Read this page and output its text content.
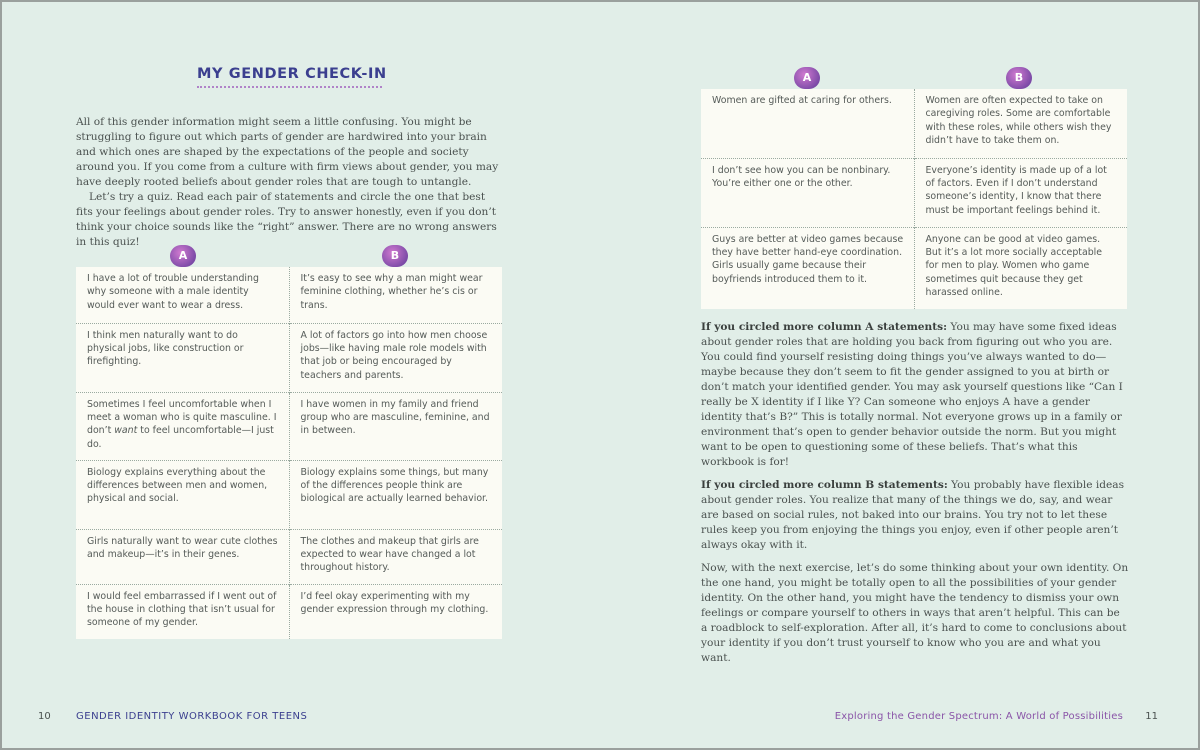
MY GENDER CHECK-IN

All of this gender information might seem a little confusing. You might be struggling to figure out which parts of gender are hardwired into your brain and which ones are shaped by the expectations of the people and society around you. If you come from a culture with firm views about gender, you may have deeply rooted beliefs about gender roles that are tough to untangle.

Let’s try a quiz. Read each pair of statements and circle the one that best fits your feelings about gender roles. Try to answer honestly, even if you don’t think your choice sounds like the “right” answer. There are no wrong answers in this quiz!

A	B
I have a lot of trouble understanding why someone with a male identity would ever want to wear a dress.	It’s easy to see why a man might wear feminine clothing, whether he’s cis or trans.
I think men naturally want to do physical jobs, like construction or firefighting.	A lot of factors go into how men choose jobs—like having male role models with that job or being encouraged by teachers and parents.
Sometimes I feel uncomfortable when I meet a woman who is quite masculine. I don’t want to feel uncomfortable—I just do.	I have women in my family and friend group who are masculine, feminine, and in between.
Biology explains everything about the differences between men and women, physical and social.	Biology explains some things, but many of the differences people think are biological are actually learned behavior.
Girls naturally want to wear cute clothes and makeup—it’s in their genes.	The clothes and makeup that girls are expected to wear have changed a lot throughout history.
I would feel embarrassed if I went out of the house in clothing that isn’t usual for someone of my gender.	I’d feel okay experimenting with my gender expression through my clothing.
10	GENDER IDENTITY WORKBOOK FOR TEENS
A	B
Women are gifted at caring for others.	Women are often expected to take on caregiving roles. Some are comfortable with these roles, while others wish they didn’t have to take them on.
I don’t see how you can be nonbinary. You’re either one or the other.	Everyone’s identity is made up of a lot of factors. Even if I don’t understand someone’s identity, I know that there must be important feelings behind it.
Guys are better at video games because they have better hand-eye coordination. Girls usually game because their boyfriends introduced them to it.	Anyone can be good at video games. But it’s a lot more socially acceptable for men to play. Women who game sometimes quit because they get harassed online.

If you circled more column A statements: You may have some fixed ideas about gender roles that are holding you back from figuring out who you are. You could find yourself resisting doing things you’ve always wanted to do—maybe because they don’t seem to fit the gender assigned to you at birth or don’t match your identified gender. You may ask yourself questions like “Can I really be X identity if I like Y? Can someone who enjoys A have a gender identity that’s B?” This is totally normal. Not everyone grows up in a family or environment that’s open to gender behavior outside the norm. But you might want to be open to questioning some of these beliefs. That’s what this workbook is for!

If you circled more column B statements: You probably have flexible ideas about gender roles. You realize that many of the things we do, say, and wear are based on social rules, not baked into our brains. You try not to let these rules keep you from enjoying the things you enjoy, even if other people aren’t always okay with it.

Now, with the next exercise, let’s do some thinking about your own identity. On the one hand, you might be totally open to all the possibilities of your gender identity. On the other hand, you might have the tendency to dismiss your own feelings or compare yourself to others in ways that aren’t helpful. This can be a roadblock to self-exploration. After all, it’s hard to come to conclusions about your identity if you don’t trust yourself to know who you are and what you want.

Exploring the Gender Spectrum: A World of Possibilities 11
